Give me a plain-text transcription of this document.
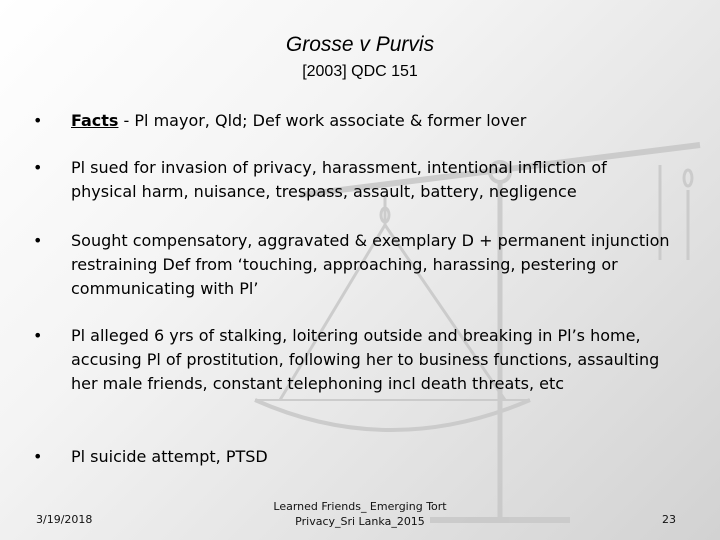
Grosse v Purvis
[2003] QDC 151
• Facts - Pl mayor, Qld; Def work associate & former lover
• Pl sued for invasion of privacy, harassment, intentional infliction of physical harm, nuisance, trespass, assault, battery, negligence
• Sought compensatory, aggravated & exemplary D + permanent injunction restraining Def from ‘touching, approaching, harassing, pestering or communicating with Pl’
• Pl alleged 6 yrs of stalking, loitering outside and breaking in Pl’s home, accusing Pl of prostitution, following her to business functions, assaulting her male friends, constant telephoning incl death threats, etc
• Pl suicide attempt, PTSD
3/19/2018
Learned Friends_ Emerging Tort
Privacy_Sri Lanka_2015	23
